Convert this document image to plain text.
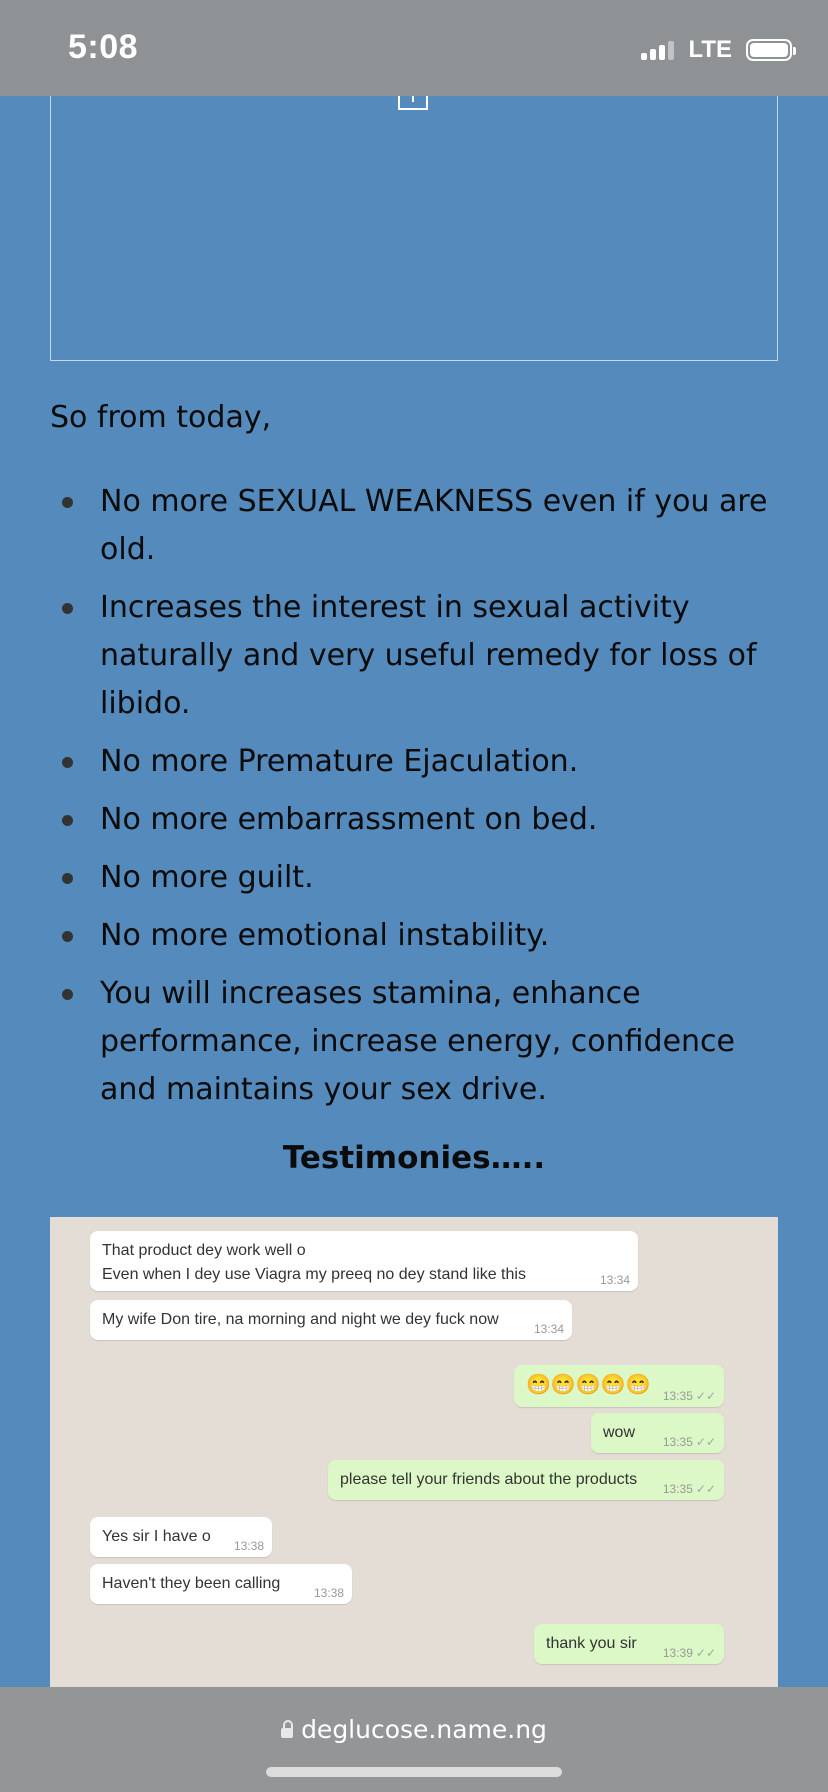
5:08	LTE
So from today,
No more SEXUAL WEAKNESS even if you are old.
Increases the interest in sexual activity naturally and very useful remedy for loss of libido.
No more Premature Ejaculation.
No more embarrassment on bed.
No more guilt.
No more emotional instability.
You will increases stamina, enhance performance, increase energy, confidence and maintains your sex drive.
Testimonies…..
That product dey work well o
Even when I dey use Viagra my preeq no dey stand like this	13:34
My wife Don tire, na morning and night we dey fuck now
13:34
😁😁😁😁😁	13:35 ✓✓
wow
13:35 ✓✓
please tell your friends about the products
13:35 ✓✓
Yes sir I have o
13:38
Haven't they been calling
13:38
thank you sir
13:39 ✓✓
deglucose.name.ng
